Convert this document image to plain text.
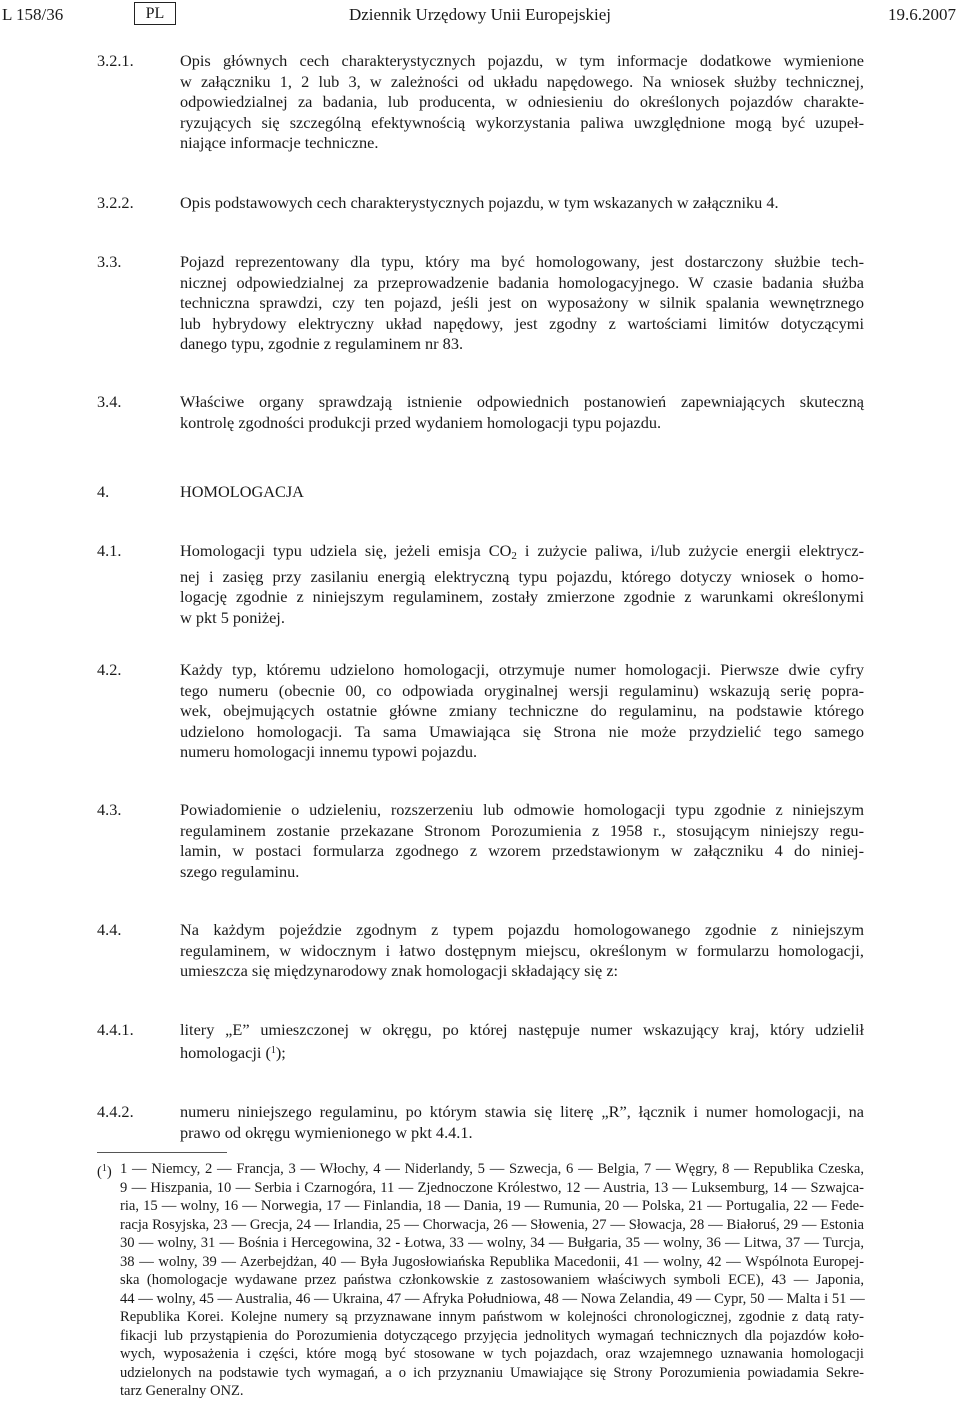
L 158/36	PL	Dziennik Urzędowy Unii Europejskiej	19.6.2007
3.2.1.	Opis głównych cech charakterystycznych pojazdu, w tym informacje dodatkowe wymienione
w załączniku 1, 2 lub 3, w zależności od układu napędowego. Na wniosek służby technicznej,
odpowiedzialnej za badania, lub producenta, w odniesieniu do określonych pojazdów charakte-
ryzujących się szczególną efektywnością wykorzystania paliwa uwzględnione mogą być uzupeł-
niające informacje techniczne.
3.2.2.	Opis podstawowych cech charakterystycznych pojazdu, w tym wskazanych w załączniku 4.
3.3.	Pojazd reprezentowany dla typu, który ma być homologowany, jest dostarczony służbie tech-
nicznej odpowiedzialnej za przeprowadzenie badania homologacyjnego. W czasie badania służba
techniczna sprawdzi, czy ten pojazd, jeśli jest on wyposażony w silnik spalania wewnętrznego
lub hybrydowy elektryczny układ napędowy, jest zgodny z wartościami limitów dotyczącymi
danego typu, zgodnie z regulaminem nr 83.
3.4.	Właściwe organy sprawdzają istnienie odpowiednich postanowień zapewniających skuteczną
kontrolę zgodności produkcji przed wydaniem homologacji typu pojazdu.
4.	HOMOLOGACJA
4.1.	Homologacji typu udziela się, jeżeli emisja $CO_2$ i zużycie paliwa, i/lub zużycie energii elektrycz-
nej i zasięg przy zasilaniu energią elektryczną typu pojazdu, którego dotyczy wniosek o homo-
logację zgodnie z niniejszym regulaminem, zostały zmierzone zgodnie z warunkami określonymi
w pkt 5 poniżej.
4.2.	Każdy typ, któremu udzielono homologacji, otrzymuje numer homologacji. Pierwsze dwie cyfry
tego numeru (obecnie 00, co odpowiada oryginalnej wersji regulaminu) wskazują serię popra-
wek, obejmujących ostatnie główne zmiany techniczne do regulaminu, na podstawie którego
udzielono homologacji. Ta sama Umawiająca się Strona nie może przydzielić tego samego
numeru homologacji innemu typowi pojazdu.
4.3.	Powiadomienie o udzieleniu, rozszerzeniu lub odmowie homologacji typu zgodnie z niniejszym
regulaminem zostanie przekazane Stronom Porozumienia z 1958 r., stosującym niniejszy regu-
lamin, w postaci formularza zgodnego z wzorem przedstawionym w załączniku 4 do niniej-
szego regulaminu.
4.4.	Na każdym pojeździe zgodnym z typem pojazdu homologowanego zgodnie z niniejszym
regulaminem, w widocznym i łatwo dostępnym miejscu, określonym w formularzu homologacji,
umieszcza się międzynarodowy znak homologacji składający się z:
4.4.1.	litery „E” umieszczonej w okręgu, po której następuje numer wskazujący kraj, który udzielił
homologacji ($^1$);
4.4.2.	numeru niniejszego regulaminu, po którym stawia się literę „R”, łącznik i numer homologacji, na
prawo od okręgu wymienionego w pkt 4.4.1.
($^1$) 1 — Niemcy, 2 — Francja, 3 — Włochy, 4 — Niderlandy, 5 — Szwecja, 6 — Belgia, 7 — Węgry, 8 — Republika Czeska,
9 — Hiszpania, 10 — Serbia i Czarnogóra, 11 — Zjednoczone Królestwo, 12 — Austria, 13 — Luksemburg, 14 — Szwajca-
ria, 15 — wolny, 16 — Norwegia, 17 — Finlandia, 18 — Dania, 19 — Rumunia, 20 — Polska, 21 — Portugalia, 22 — Fede-
racja Rosyjska, 23 — Grecja, 24 — Irlandia, 25 — Chorwacja, 26 — Słowenia, 27 — Słowacja, 28 — Białoruś, 29 — Estonia
30 — wolny, 31 — Bośnia i Hercegowina, 32 - Łotwa, 33 — wolny, 34 — Bułgaria, 35 — wolny, 36 — Litwa, 37 — Turcja,
38 — wolny, 39 — Azerbejdżan, 40 — Była Jugosłowiańska Republika Macedonii, 41 — wolny, 42 — Wspólnota Europej-
ska (homologacje wydawane przez państwa członkowskie z zastosowaniem właściwych symboli ECE), 43 — Japonia,
44 — wolny, 45 — Australia, 46 — Ukraina, 47 — Afryka Południowa, 48 — Nowa Zelandia, 49 — Cypr, 50 — Malta i 51 —
Republika Korei. Kolejne numery są przyznawane innym państwom w kolejności chronologicznej, zgodnie z datą raty-
fikacji lub przystąpienia do Porozumienia dotyczącego przyjęcia jednolitych wymagań technicznych dla pojazdów koło-
wych, wyposażenia i części, które mogą być stosowane w tych pojazdach, oraz wzajemnego uznawania homologacji
udzielonych na podstawie tych wymagań, a o ich przyznaniu Umawiające się Strony Porozumienia powiadamia Sekre-
tarz Generalny ONZ.
